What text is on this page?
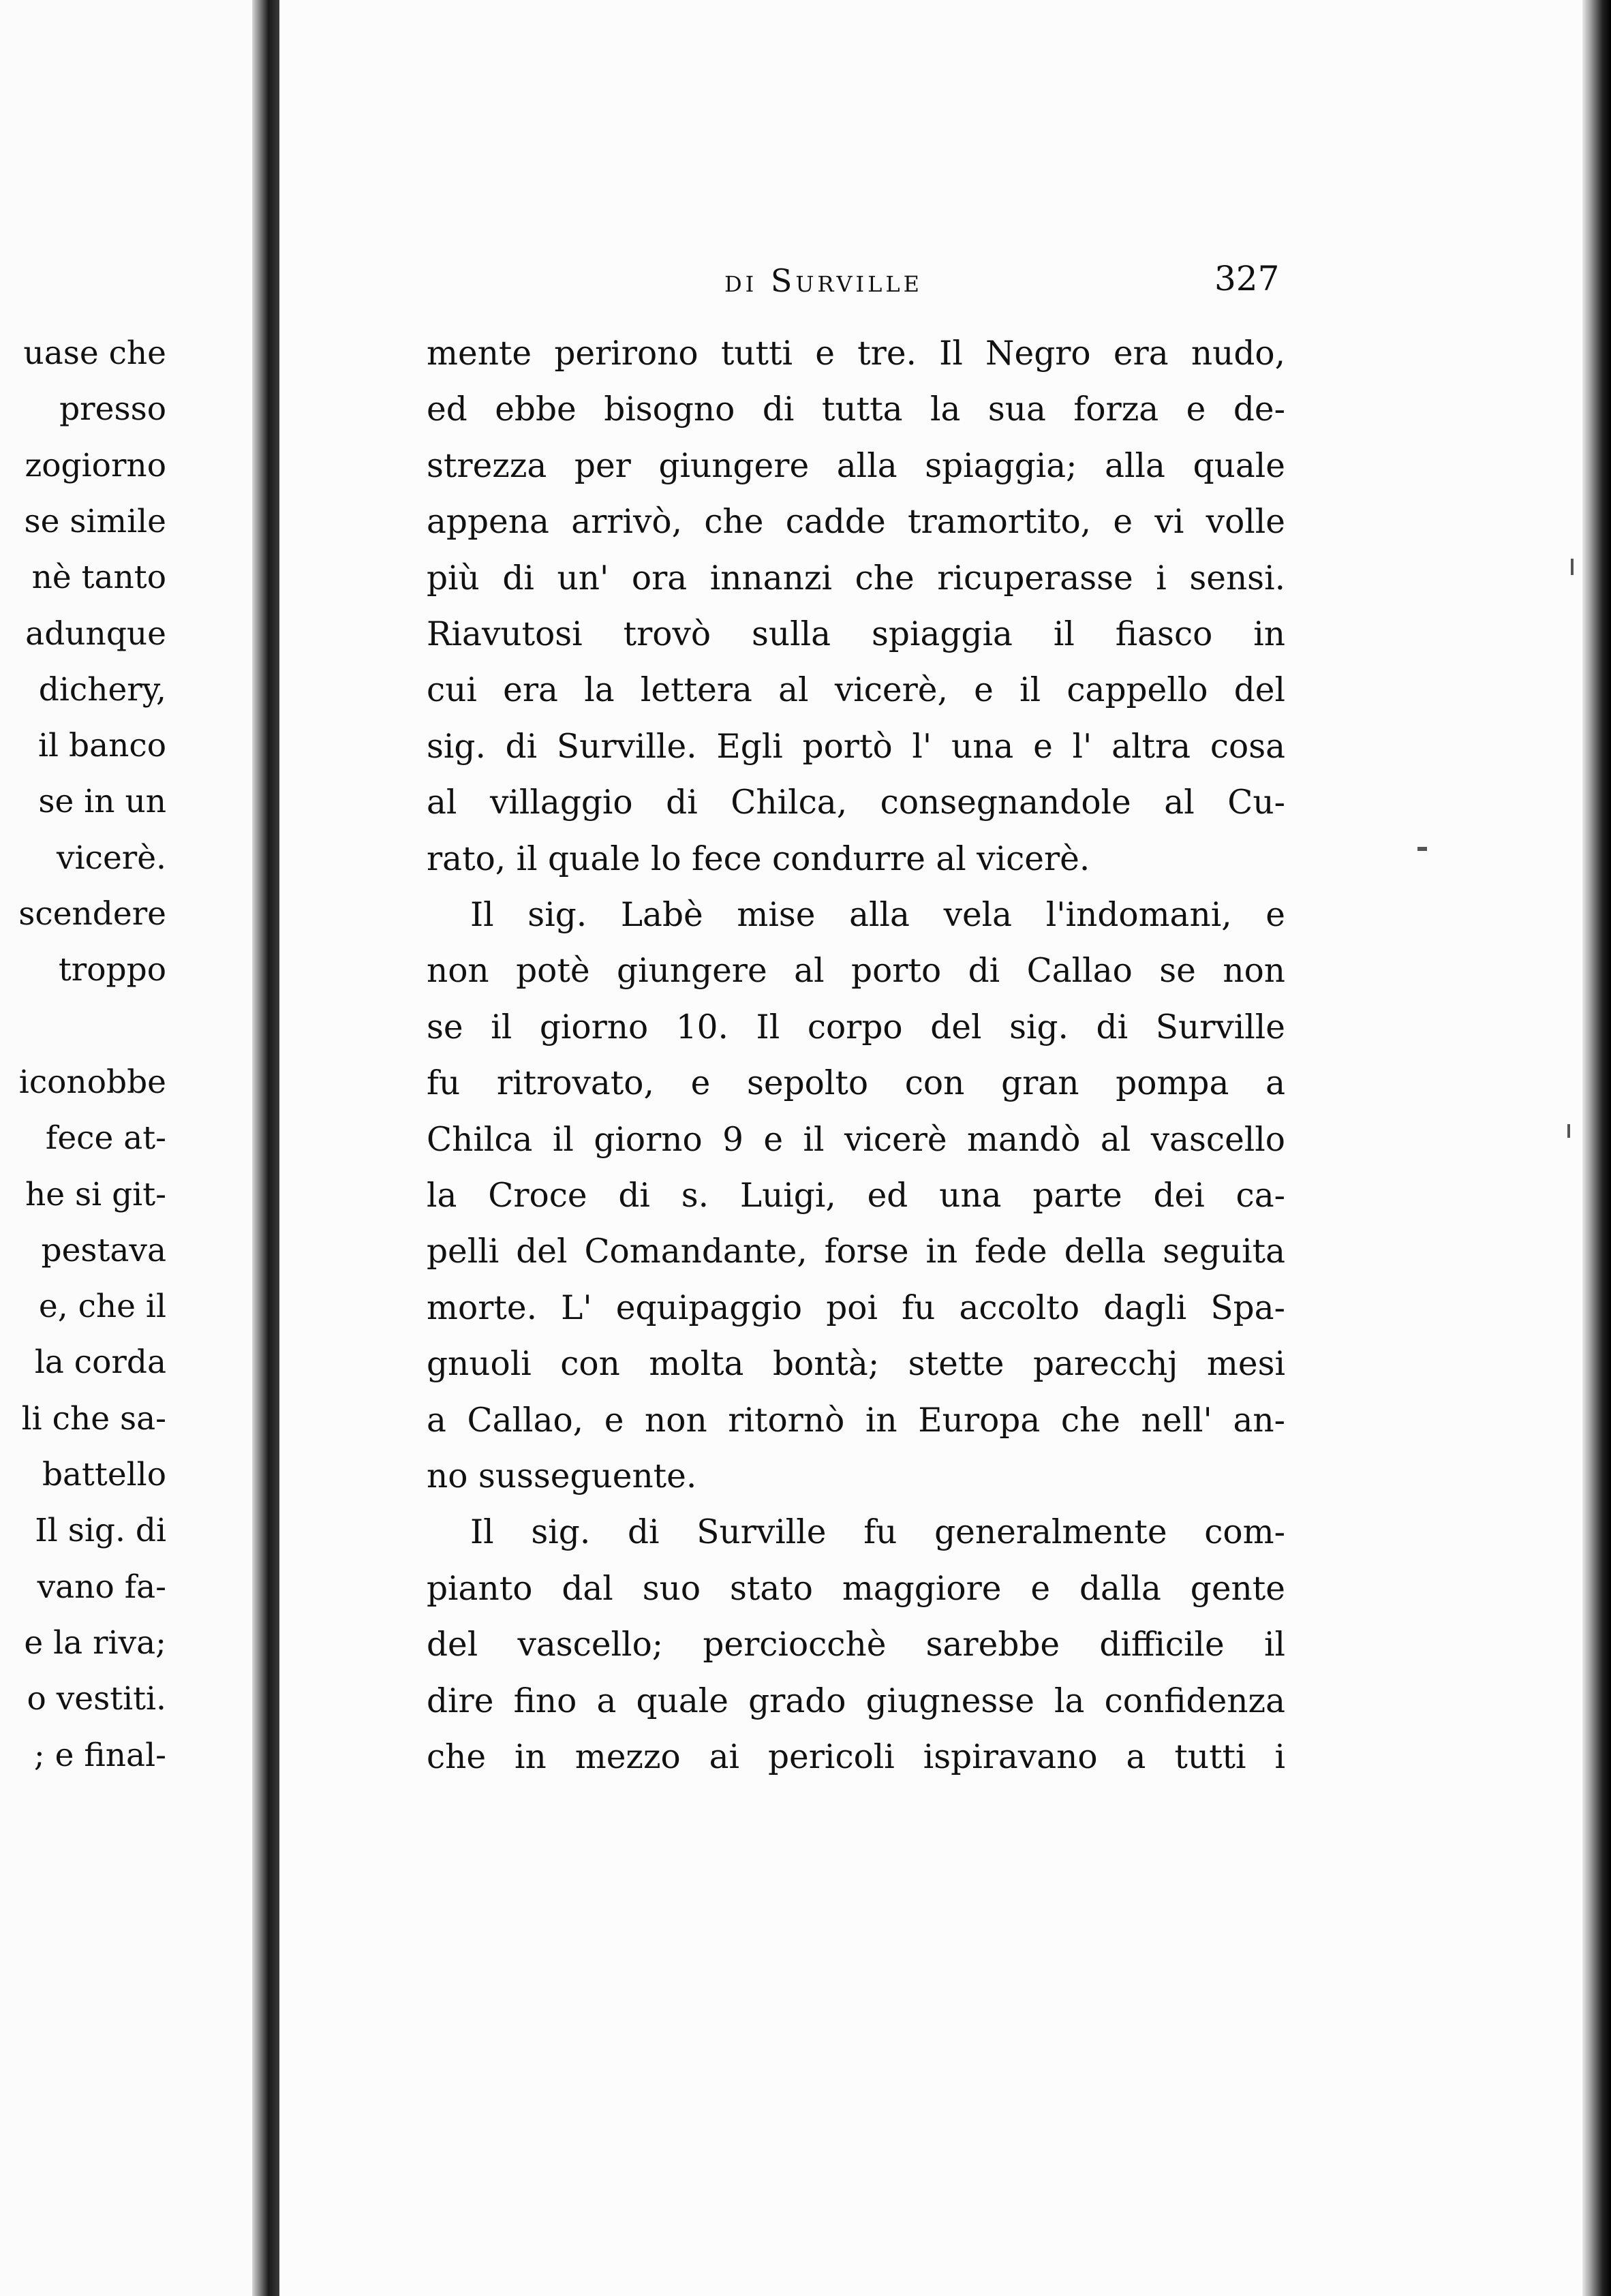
uase che
presso
zogiorno
se simile
nè tanto
adunque
dichery,
il banco
se in un
vicerè.
scendere
troppo
iconobbe
fece at-
he si git-
pestava
e, che il
la corda
li che sa-
battello
Il sig. di
vano fa-
e la riva;
o vestiti.
; e final-
di Surville	327
mente perirono tutti e tre. Il Negro era nudo,
ed ebbe bisogno di tutta la sua forza e de-
strezza per giungere alla spiaggia; alla quale
appena arrivò, che cadde tramortito, e vi volle
più di un' ora innanzi che ricuperasse i sensi.
Riavutosi trovò sulla spiaggia il fiasco in
cui era la lettera al vicerè, e il cappello del
sig. di Surville. Egli portò l' una e l' altra cosa
al villaggio di Chilca, consegnandole al Cu-
rato, il quale lo fece condurre al vicerè.
Il sig. Labè mise alla vela l'indomani, e
non potè giungere al porto di Callao se non
se il giorno 10. Il corpo del sig. di Surville
fu ritrovato, e sepolto con gran pompa a
Chilca il giorno 9 e il vicerè mandò al vascello
la Croce di s. Luigi, ed una parte dei ca-
pelli del Comandante, forse in fede della seguita
morte. L' equipaggio poi fu accolto dagli Spa-
gnuoli con molta bontà; stette parecchj mesi
a Callao, e non ritornò in Europa che nell' an-
no susseguente.
Il sig. di Surville fu generalmente com-
pianto dal suo stato maggiore e dalla gente
del vascello; perciocchè sarebbe difficile il
dire fino a quale grado giugnesse la confidenza
che in mezzo ai pericoli ispiravano a tutti i
